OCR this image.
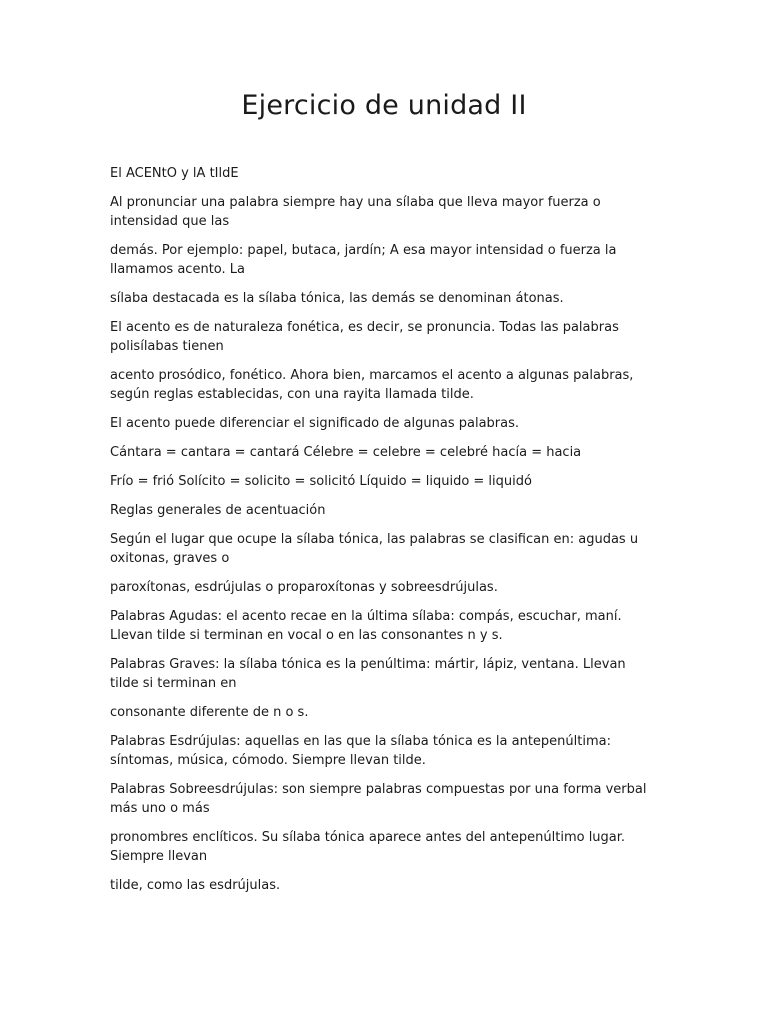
Ejercicio de unidad II

El ACENtO y lA tIldE

Al pronunciar una palabra siempre hay una sílaba que lleva mayor fuerza o intensidad que las

demás. Por ejemplo: papel, butaca, jardín; A esa mayor intensidad o fuerza la llamamos acento. La

sílaba destacada es la sílaba tónica, las demás se denominan átonas.

El acento es de naturaleza fonética, es decir, se pronuncia. Todas las palabras polisílabas tienen

acento prosódico, fonético. Ahora bien, marcamos el acento a algunas palabras, según reglas establecidas, con una rayita llamada tilde.

El acento puede diferenciar el significado de algunas palabras.

Cántara = cantara = cantará Célebre = celebre = celebré hacía = hacia

Frío = frió Solícito = solicito = solicitó Líquido = liquido = liquidó

Reglas generales de acentuación

Según el lugar que ocupe la sílaba tónica, las palabras se clasifican en: agudas u oxitonas, graves o

paroxítonas, esdrújulas o proparoxítonas y sobreesdrújulas.

Palabras Agudas: el acento recae en la última sílaba: compás, escuchar, maní. Llevan tilde si terminan en vocal o en las consonantes n y s.

Palabras Graves: la sílaba tónica es la penúltima: mártir, lápiz, ventana. Llevan tilde si terminan en

consonante diferente de n o s.

Palabras Esdrújulas: aquellas en las que la sílaba tónica es la antepenúltima: síntomas, música, cómodo. Siempre llevan tilde.

Palabras Sobreesdrújulas: son siempre palabras compuestas por una forma verbal más uno o más

pronombres enclíticos. Su sílaba tónica aparece antes del antepenúltimo lugar. Siempre llevan

tilde, como las esdrújulas.
